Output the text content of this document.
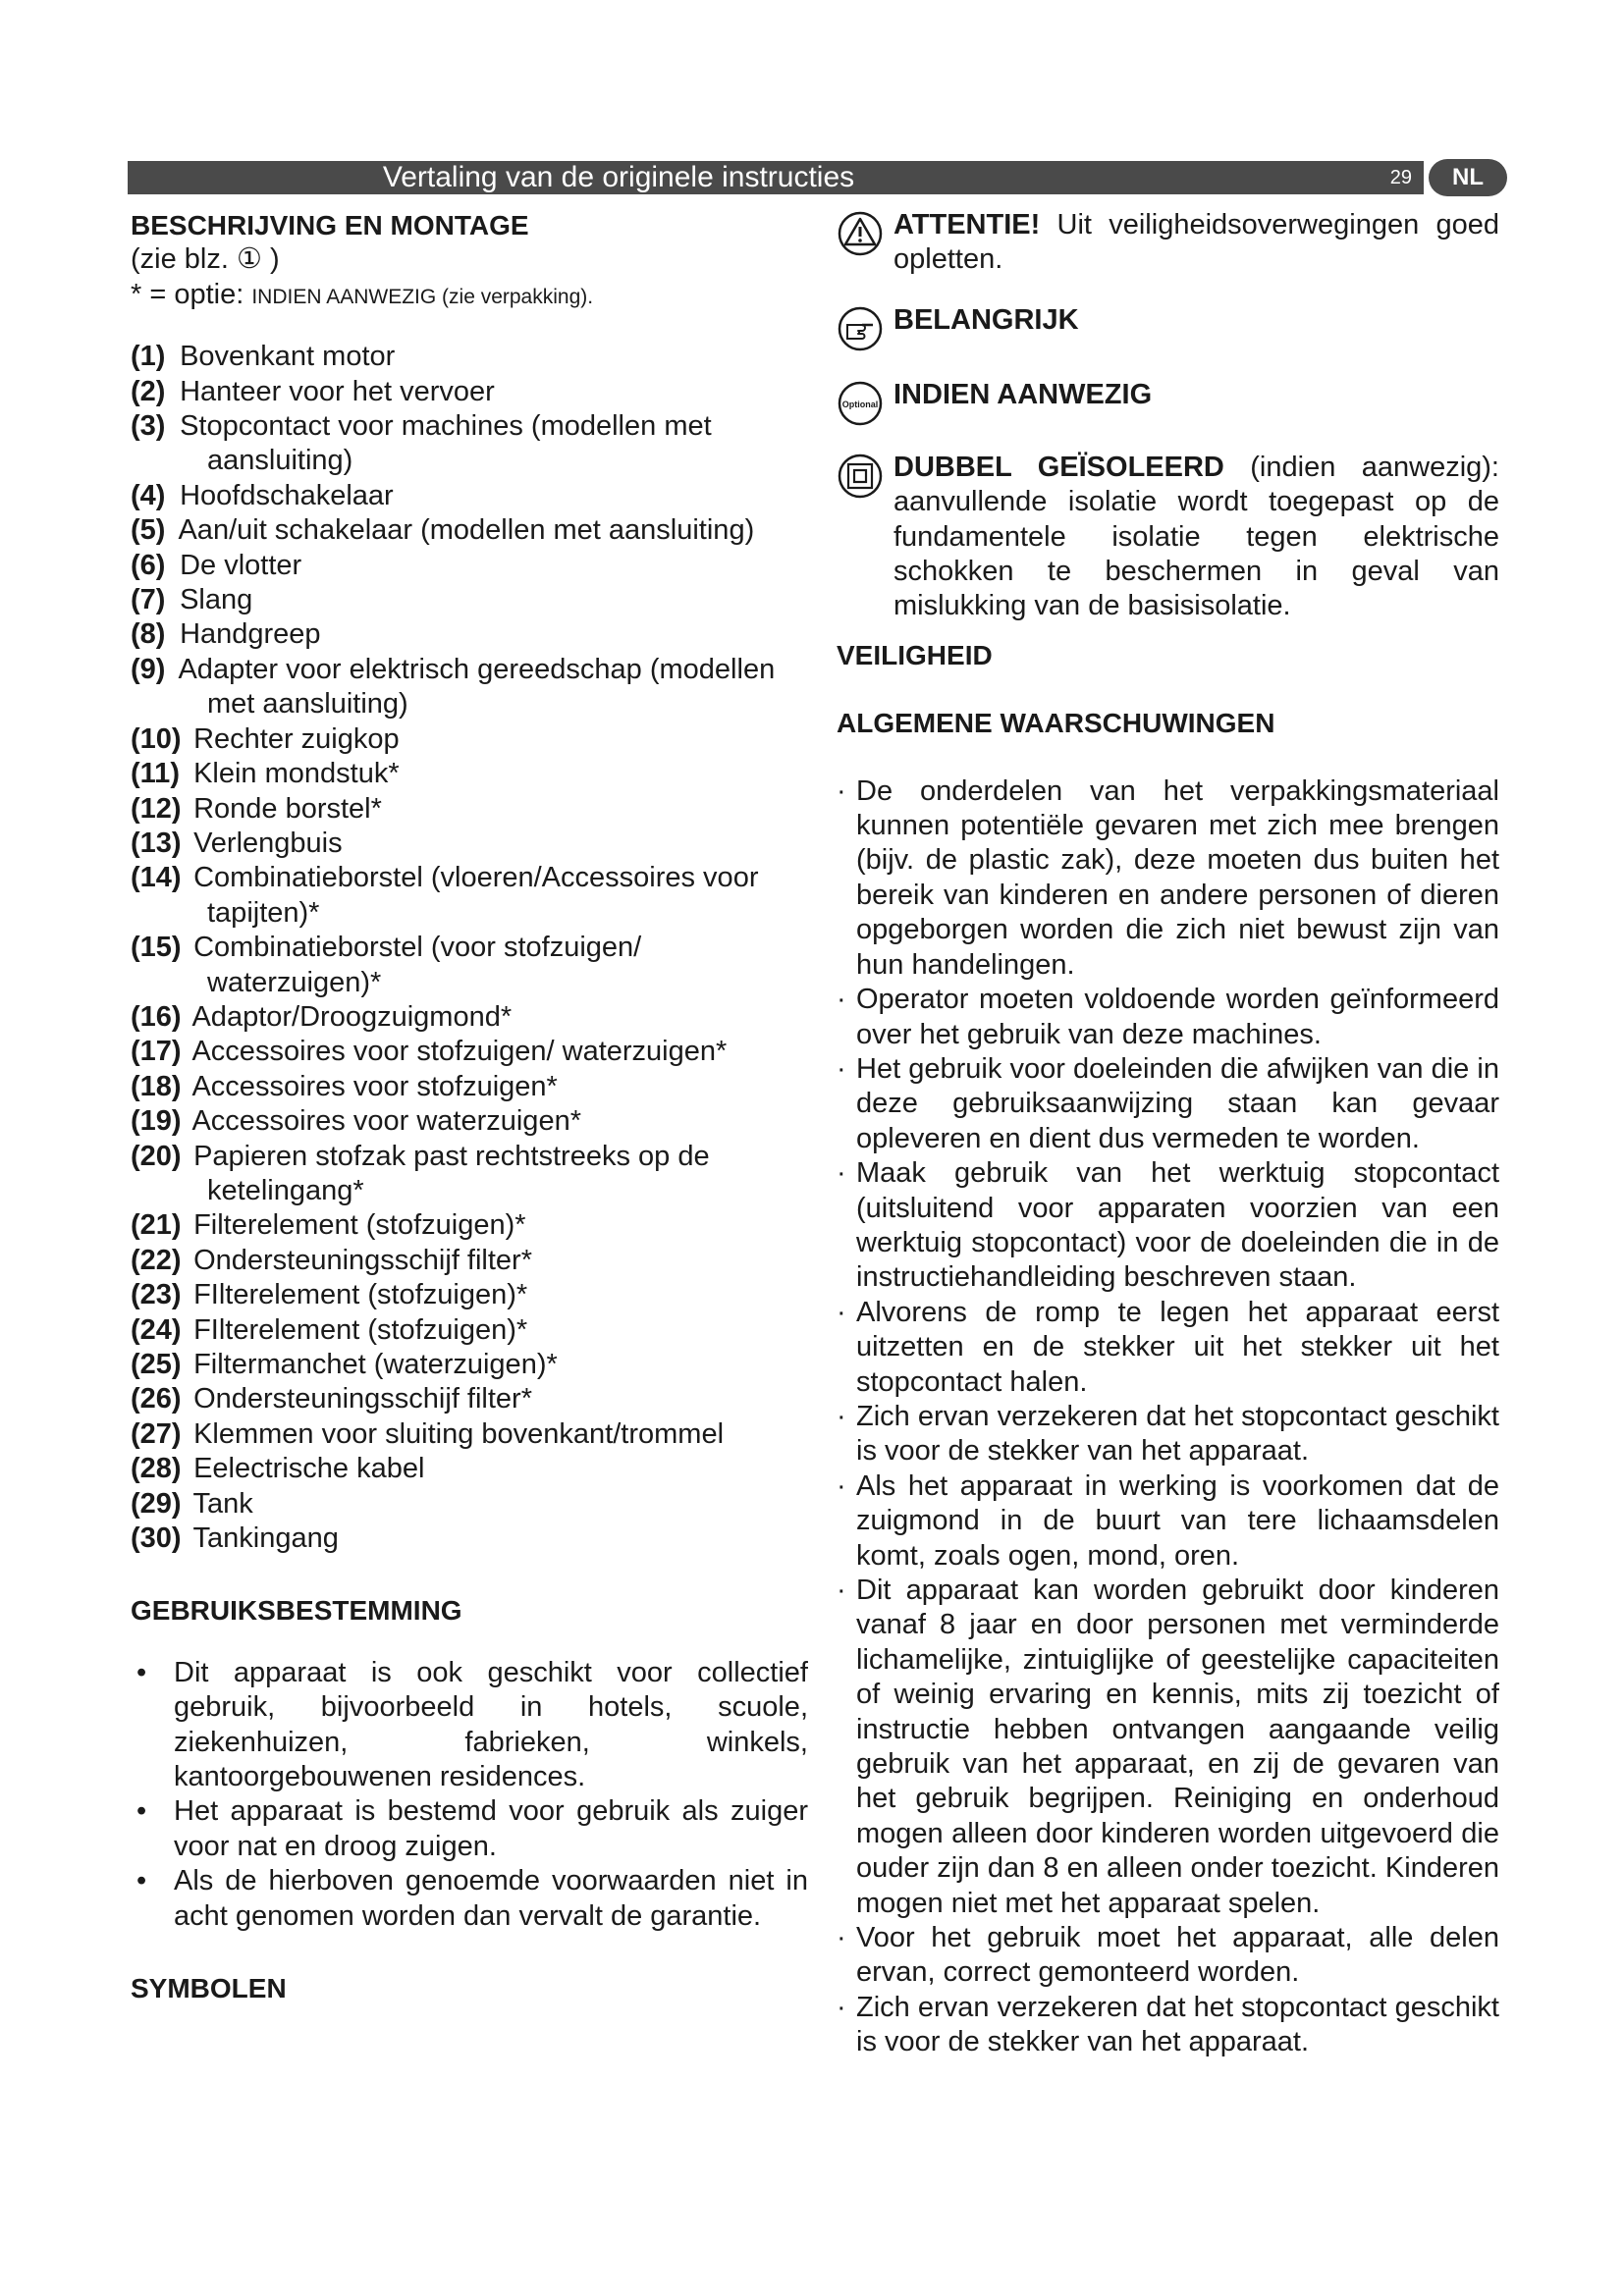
Vertaling van de originele instructies	29	NL

BESCHRIJVING EN MONTAGE

(zie blz. ① )

* = optie: INDIEN AANWEZIG (zie verpakking).

(1) Bovenkant motor

(2) Hanteer voor het vervoer

(3) Stopcontact voor machines (modellen met aansluiting)

(4) Hoofdschakelaar

(5) Aan/uit schakelaar (modellen met aansluiting)

(6) De vlotter

(7) Slang

(8) Handgreep

(9) Adapter voor elektrisch gereedschap (modellen met aansluiting)

(10) Rechter zuigkop

(11) Klein mondstuk*

(12) Ronde borstel*

(13) Verlengbuis

(14) Combinatieborstel (vloeren/Accessoires voor tapijten)*

(15) Combinatieborstel (voor stofzuigen/ waterzuigen)*

(16) Adaptor/Droogzuigmond*

(17) Accessoires voor stofzuigen/ waterzuigen*

(18) Accessoires voor stofzuigen*

(19) Accessoires voor waterzuigen*

(20) Papieren stofzak past rechtstreeks op de ketelingang*

(21) Filterelement (stofzuigen)*

(22) Ondersteuningsschijf filter*

(23) FIlterelement (stofzuigen)*

(24) FIlterelement (stofzuigen)*

(25) Filtermanchet (waterzuigen)*

(26) Ondersteuningsschijf filter*

(27) Klemmen voor sluiting bovenkant/trommel

(28) Eelectrische kabel

(29) Tank

(30) Tankingang

GEBRUIKSBESTEMMING

• Dit apparaat is ook geschikt voor collectief gebruik, bijvoorbeeld in hotels, scuole, ziekenhuizen, fabrieken, winkels, kantoorgebouwenen residences.
• Het apparaat is bestemd voor gebruik als zuiger voor nat en droog zuigen.
• Als de hierboven genoemde voorwaarden niet in acht genomen worden dan vervalt de garantie.

SYMBOLEN

ATTENTIE! Uit veiligheidsoverwegingen goed opletten.
BELANGRIJK
Optional INDIEN AANWEZIG
DUBBEL GEÏSOLEERD (indien aanwezig): aanvullende isolatie wordt toegepast op de fundamentele isolatie tegen elektrische schokken te beschermen in geval van mislukking van de basisisolatie.

VEILIGHEID

ALGEMENE WAARSCHUWINGEN

· De onderdelen van het verpakkingsmateriaal kunnen potentiële gevaren met zich mee brengen (bijv. de plastic zak), deze moeten dus buiten het bereik van kinderen en andere personen of dieren opgeborgen worden die zich niet bewust zijn van hun handelingen.
· Operator moeten voldoende worden geïnformeerd over het gebruik van deze machines.
· Het gebruik voor doeleinden die afwijken van die in deze gebruiksaanwijzing staan kan gevaar opleveren en dient dus vermeden te worden.
· Maak gebruik van het werktuig stopcontact (uitsluitend voor apparaten voorzien van een werktuig stopcontact) voor de doeleinden die in de instructiehandleiding beschreven staan.
· Alvorens de romp te legen het apparaat eerst uitzetten en de stekker uit het stekker uit het stopcontact halen.
· Zich ervan verzekeren dat het stopcontact geschikt is voor de stekker van het apparaat.
· Als het apparaat in werking is voorkomen dat de zuigmond in de buurt van tere lichaamsdelen komt, zoals ogen, mond, oren.
· Dit apparaat kan worden gebruikt door kinderen vanaf 8 jaar en door personen met verminderde lichamelijke, zintuiglijke of geestelijke capaciteiten of weinig ervaring en kennis, mits zij toezicht of instructie hebben ontvangen aangaande veilig gebruik van het apparaat, en zij de gevaren van het gebruik begrijpen. Reiniging en onderhoud mogen alleen door kinderen worden uitgevoerd die ouder zijn dan 8 en alleen onder toezicht. Kinderen mogen niet met het apparaat spelen.
· Voor het gebruik moet het apparaat, alle delen ervan, correct gemonteerd worden.
· Zich ervan verzekeren dat het stopcontact geschikt is voor de stekker van het apparaat.
